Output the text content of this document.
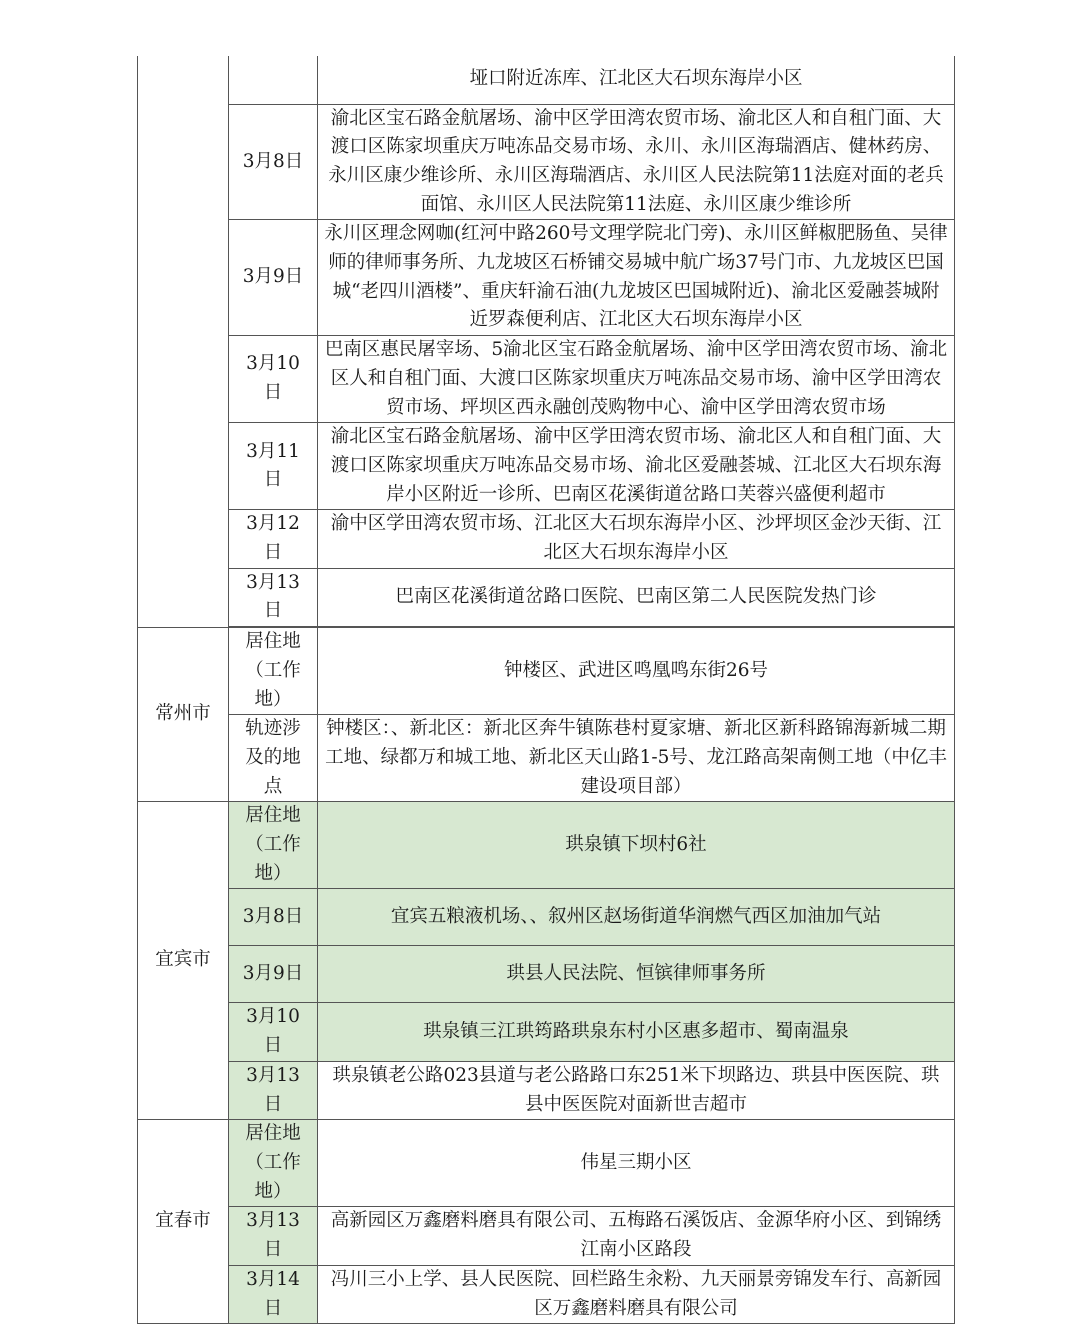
		垭口附近冻库、江北区大石坝东海岸小区
	3月8日	渝北区宝石路金航屠场、渝中区学田湾农贸市场、渝北区人和自租门面、大渡口区陈家坝重庆万吨冻品交易市场、永川、永川区海瑞酒店、健林药房、永川区康少维诊所、永川区海瑞酒店、永川区人民法院第11法庭对面的老兵面馆、永川区人民法院第11法庭、永川区康少维诊所
	3月9日	永川区理念网咖(红河中路260号文理学院北门旁)、永川区鲜椒肥肠鱼、吴律师的律师事务所、九龙坡区石桥铺交易城中航广场37号门市、九龙坡区巴国城“老四川酒楼”、重庆轩渝石油(九龙坡区巴国城附近)、渝北区爱融荟城附近罗森便利店、江北区大石坝东海岸小区
	3月10日	巴南区惠民屠宰场、5渝北区宝石路金航屠场、渝中区学田湾农贸市场、渝北区人和自租门面、大渡口区陈家坝重庆万吨冻品交易市场、渝中区学田湾农贸市场、坪坝区西永融创茂购物中心、渝中区学田湾农贸市场
	3月11日	渝北区宝石路金航屠场、渝中区学田湾农贸市场、渝北区人和自租门面、大渡口区陈家坝重庆万吨冻品交易市场、渝北区爱融荟城、江北区大石坝东海岸小区附近一诊所、巴南区花溪街道岔路口芙蓉兴盛便利超市
	3月12日	渝中区学田湾农贸市场、江北区大石坝东海岸小区、沙坪坝区金沙天街、江北区大石坝东海岸小区
	3月13日	巴南区花溪街道岔路口医院、巴南区第二人民医院发热门诊

常州市	居住地（工作地）	钟楼区、武进区鸣凰鸣东街26号
	轨迹涉及的地点	钟楼区：、新北区：新北区奔牛镇陈巷村夏家塘、新北区新科路锦海新城二期工地、绿都万和城工地、新北区天山路1-5号、龙江路高架南侧工地（中亿丰建设项目部）
宜宾市	居住地（工作地）	珙泉镇下坝村6社
	3月8日	宜宾五粮液机场、、叙州区赵场街道华润燃气西区加油加气站
	3月9日	珙县人民法院、恒镔律师事务所
	3月10日	珙泉镇三江珙筠路珙泉东村小区惠多超市、蜀南温泉
	3月13日	珙泉镇老公路023县道与老公路路口东251米下坝路边、珙县中医医院、珙县中医医院对面新世吉超市
宜春市	居住地（工作地）	伟星三期小区
	3月13日	高新园区万鑫磨料磨具有限公司、五梅路石溪饭店、金源华府小区、到锦绣江南小区路段
	3月14日	冯川三小上学、县人民医院、回栏路生汆粉、九天丽景旁锦发车行、高新园区万鑫磨料磨具有限公司
